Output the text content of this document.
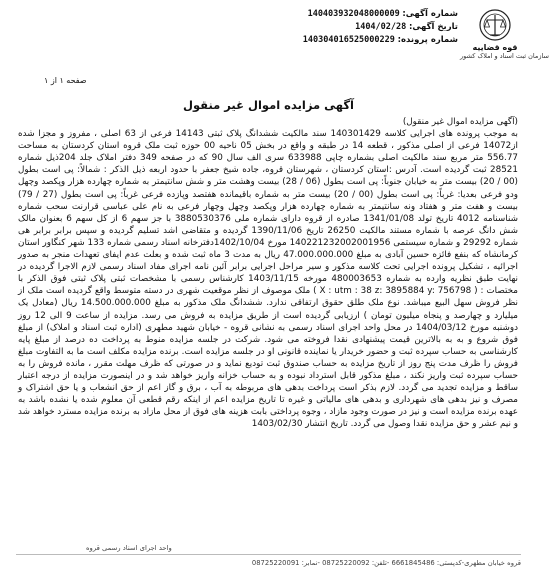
شماره آگهی: 140403932048000009
تاریخ آگهی: 1404/02/28
شماره پرونده: 140304016525000229
قوه قضاییه
سازمان ثبت اسناد و املاک کشور
صفحه ۱ از ۱
آگهی مزایده اموال غیر منقول

(آگهی مزایده اموال غیر منقول)

به موجب پرونده های اجرایی کلاسه 140301429 سند مالکیت ششدانگ پلاک ثبتی 14143 فرعی از 63 اصلی ، مفروز و مجزا شده از14072 فرعی از اصلی مذکور ، قطعه 14 در طبقه و واقع در بخش 05 ناحیه 00 حوزه ثبت ملک قروه استان کردستان به مساحت 556.77 متر مربع سند مالکیت اصلی بشماره چاپی 633988 سری الف سال 90 که در صفحه 349 دفتر املاک جلد 204ذیل شماره 28521 ثبت گردیده است. آدرس :استان کردستان ، شهرستان قروه، جاده شیخ جعفر با حدود اربعه ذیل الذکر : شمالاً: پی است بطول (00 / 20) بیست متر به خیابان جنوباً: پی است بطول (06 / 28) بیست وهشت متر و شش سانتیمتر به شماره چهارده هزار وپکصد وچهل ودو فرعی بعدیا: غرباً: پی است بطول (00 / 20) بیست متر به شماره باقیمانده هفتصد وپازده فرعی غرباً: پی است بطول (27 / 79) بیست و هفت متر و هفتاد ونه سانتیمتر به شماره چهارده هزار وپکصد وچهل وچهار فرعی به نام علی عباسی قرارنت سحب شماره شناسنامه 4012 تاریخ تولد 1341/01/08 صادره از قروه دارای شماره ملی 3880530376 با جز سهم 6 از کل سهم 6 بعنوان مالک شش دانگ عرصه با شماره مستند مالکیت 26250 تاریخ 1390/11/06 گردیده و متقاضی اشد تسلیم گردیده و سپس برابر برابر هی شماره 29292 و شماره سیستمی 140221232002001956 مورخ 1402/10/04دفترخانه اسناد رسمی شماره 133 شهر کنگاور استان کرمانشاه که بنفع فائزه حسین آبادی به مبلغ 47.000.000.000 ریال به مدت 3 ماه ثبت شده و بعلت عدم ایفای تعهدات منجر به صدور اجرائیه ، تشکیل پرونده اجرایی تحت کلاسه مذکور و سیر مراحل اجرایی برابر آئین نامه اجرای مفاد اسناد رسمی لازم الاجرا گردیده در نهایت طبق نظریه وارده به شماره 480003653 مورخه 1403/11/15 کارشناس رسمی با مشخصات ثبتی پلاک ثبتی فوق الذکر با مختصات : ( X : utm : 38 z: 3895884 y: 756798 ) ملک موصوف از نظر موقعیت شهری در دسته متوسط واقع گردیده است ملک از نظر فروش سهل البیع میباشد. نوع ملک طلق حقوق ارتفاقی ندارد. ششدانگ ملک مذکور به مبلغ 14.500.000.000 ریال (معادل یک میلیارد و چهارصد و پنجاه میلیون تومان ) ارزیابی گردیده است از طریق مزایده به فروش می رسد. مزایده از ساعت 9 الی 12 روز دوشنبه مورخ 1404/03/12 در محل واحد اجرای اسناد رسمی به نشانی قروه - خیابان شهید مطهری (اداره ثبت اسناد و املاک) از مبلغ فوق شروع و به به بالاترین قیمت پیشنهادی نقدا فروخته می شود. شرکت در جلسه مزایده منوط به پرداخت ده درصد از مبلغ پایه کارشناسی به حساب سپرده ثبت و حضور خریدار یا نماینده قانونی او در جلسه مزایده است. برنده مزایده مکلف است ما به التفاوت مبلغ فروش را ظرف مدت پنج روز از تاریخ مزایده به حساب صندوق ثبت تودیع نماید و در صورتی که ظرف مهلت مقرر ، مانده فروش را به حساب سپرده ثبت واریز نکند ، مبلغ مذکور قابل استرداد نبوده و به حساب خزانه واریز خواهد شد و در اینصورت مزایده از درجه اعتبار ساقط و مزایده تجدید می گردد. لازم بذکر است پرداخت بدهی های مربوطه به آب ، برق و گاز اعم از حق انشعاب و یا حق اشتراک و مصرف و نیز بدهی های شهرداری و بدهی های مالیاتی و غیره تا تاریخ مزایده اعم از اینکه رقم قطعی آن معلوم شده یا نشده باشد به عهده برنده مزایده است و نیز در صورت وجود مازاد ، وجوه پرداختی بابت هزینه های فوق از محل مازاد به برنده مزایده مسترد خواهد شد و نیم عشر و حق مزایده نقدا وصول می گردد. تاریخ انتشار 1403/02/30

واحد اجرای اسناد رسمی قروه
قروه خیابان مطهری-کدپستی: 6661845486 -تلفن: 08725220092 -نمابر: 08725220091
